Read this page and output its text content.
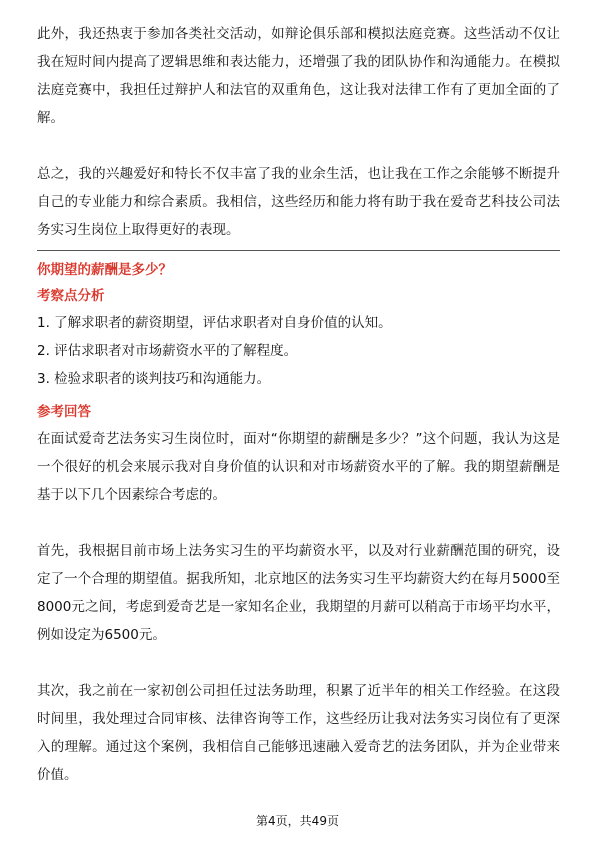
此外，我还热衷于参加各类社交活动，如辩论俱乐部和模拟法庭竞赛。这些活动不仅让我在短时间内提高了逻辑思维和表达能力，还增强了我的团队协作和沟通能力。在模拟法庭竞赛中，我担任过辩护人和法官的双重角色，这让我对法律工作有了更加全面的了解。

总之，我的兴趣爱好和特长不仅丰富了我的业余生活，也让我在工作之余能够不断提升自己的专业能力和综合素质。我相信，这些经历和能力将有助于我在爱奇艺科技公司法务实习生岗位上取得更好的表现。

你期望的薪酬是多少？

考察点分析

1. 了解求职者的薪资期望，评估求职者对自身价值的认知。

2. 评估求职者对市场薪资水平的了解程度。

3. 检验求职者的谈判技巧和沟通能力。

参考回答

在面试爱奇艺法务实习生岗位时，面对“你期望的薪酬是多少？”这个问题，我认为这是一个很好的机会来展示我对自身价值的认识和对市场薪资水平的了解。我的期望薪酬是基于以下几个因素综合考虑的。

首先，我根据目前市场上法务实习生的平均薪资水平，以及对行业薪酬范围的研究，设定了一个合理的期望值。据我所知，北京地区的法务实习生平均薪资大约在每月5000至8000元之间，考虑到爱奇艺是一家知名企业，我期望的月薪可以稍高于市场平均水平，例如设定为6500元。

其次，我之前在一家初创公司担任过法务助理，积累了近半年的相关工作经验。在这段时间里，我处理过合同审核、法律咨询等工作，这些经历让我对法务实习岗位有了更深入的理解。通过这个案例，我相信自己能够迅速融入爱奇艺的法务团队，并为企业带来价值。

第4页，共49页
